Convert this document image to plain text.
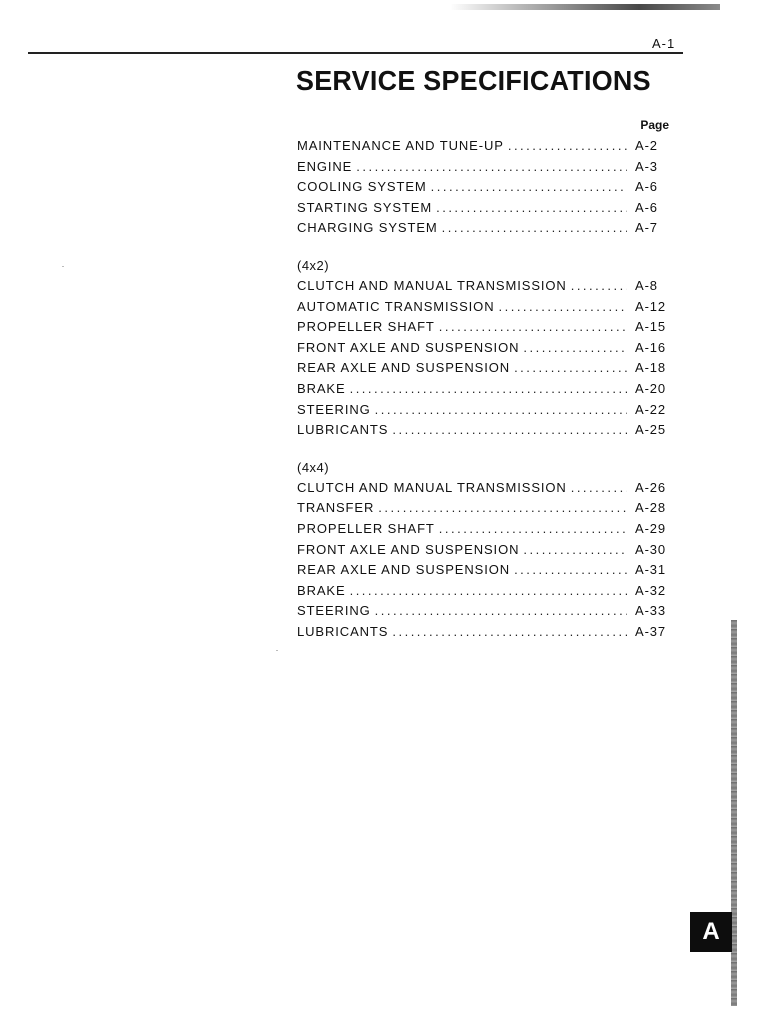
A-1
SERVICE SPECIFICATIONS
Page
MAINTENANCE AND TUNE-UP .....	A-2
ENGINE .....	A-3
COOLING SYSTEM .....	A-6
STARTING SYSTEM .....	A-6
CHARGING SYSTEM .....	A-7
(4x2)
CLUTCH AND MANUAL TRANSMISSION .....	A-8
AUTOMATIC TRANSMISSION .....	A-12
PROPELLER SHAFT .....	A-15
FRONT AXLE AND SUSPENSION .....	A-16
REAR AXLE AND SUSPENSION .....	A-18
BRAKE .....	A-20
STEERING .....	A-22
LUBRICANTS .....	A-25
(4x4)
CLUTCH AND MANUAL TRANSMISSION .....	A-26
TRANSFER .....	A-28
PROPELLER SHAFT .....	A-29
FRONT AXLE AND SUSPENSION .....	A-30
REAR AXLE AND SUSPENSION .....	A-31
BRAKE .....	A-32
STEERING .....	A-33
LUBRICANTS .....	A-37
A
